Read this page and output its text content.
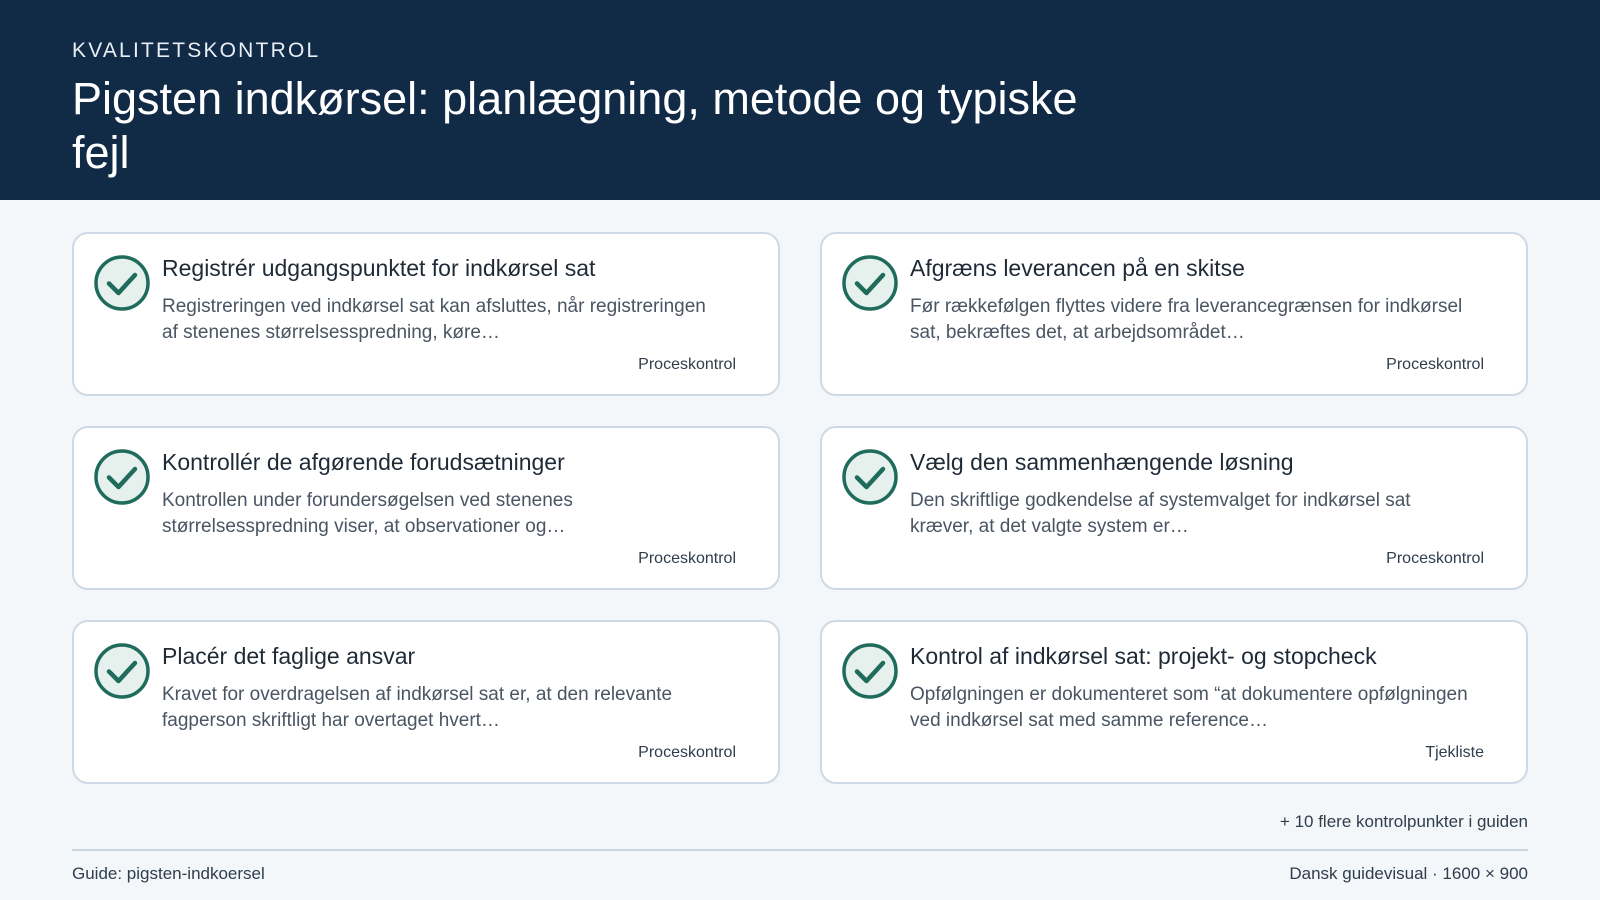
KVALITETSKONTROL
Pigsten indkørsel: planlægning, metode og typiske fejl
Registrér udgangspunktet for indkørsel sat
Registreringen ved indkørsel sat kan afsluttes, når registreringen af stenenes størrelsesspredning, køre…
Proceskontrol
Afgræns leverancen på en skitse
Før rækkefølgen flyttes videre fra leverancegrænsen for indkørsel sat, bekræftes det, at arbejdsområdet…
Proceskontrol
Kontrollér de afgørende forudsætninger
Kontrollen under forundersøgelsen ved stenenes størrelsesspredning viser, at observationer og…
Proceskontrol
Vælg den sammenhængende løsning
Den skriftlige godkendelse af systemvalget for indkørsel sat kræver, at det valgte system er…
Proceskontrol
Placér det faglige ansvar
Kravet for overdragelsen af indkørsel sat er, at den relevante fagperson skriftligt har overtaget hvert…
Proceskontrol
Kontrol af indkørsel sat: projekt- og stopcheck
Opfølgningen er dokumenteret som “at dokumentere opfølgningen ved indkørsel sat med samme reference…
Tjekliste
+ 10 flere kontrolpunkter i guiden
Guide: pigsten-indkoersel	Dansk guidevisual · 1600 × 900
